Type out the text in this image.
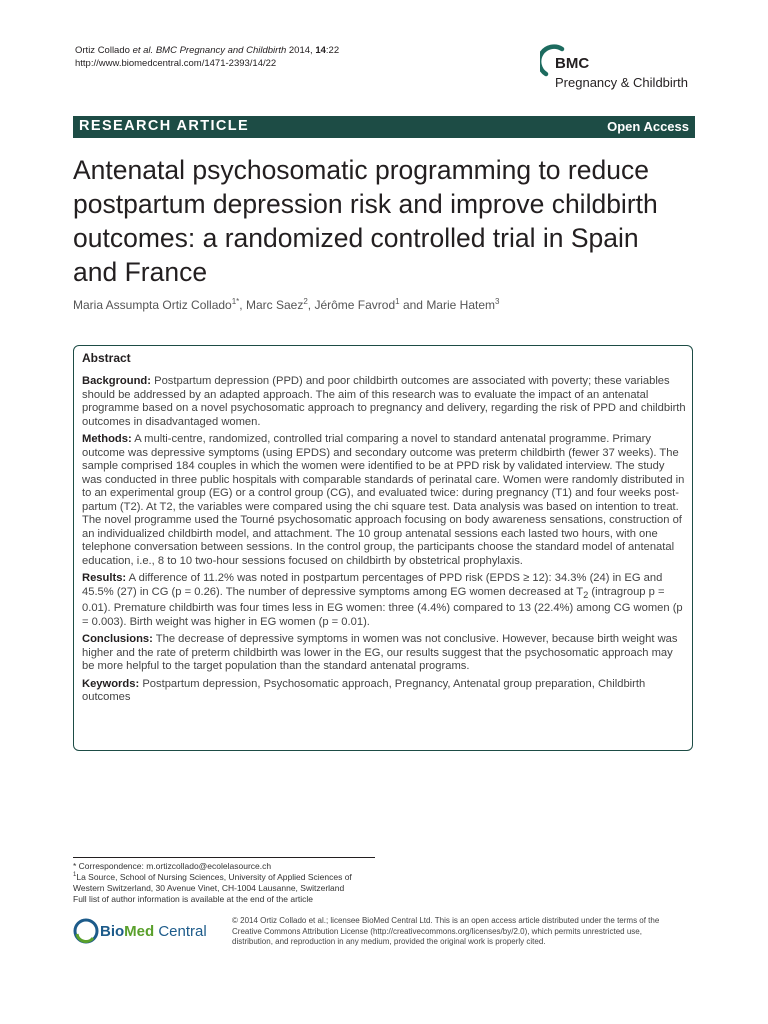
Ortiz Collado et al. BMC Pregnancy and Childbirth 2014, 14:22
http://www.biomedcentral.com/1471-2393/14/22	BMC
Pregnancy & Childbirth
RESEARCH ARTICLE	Open Access
Antenatal psychosomatic programming to reduce
postpartum depression risk and improve childbirth
outcomes: a randomized controlled trial in Spain
and France
Maria Assumpta Ortiz Collado$^{1*}$, Marc Saez$^2$, Jérôme Favrod$^1$ and Marie Hatem$^3$
Abstract

Background: Postpartum depression (PPD) and poor childbirth outcomes are associated with poverty; these variables should be addressed by an adapted approach. The aim of this research was to evaluate the impact of an antenatal programme based on a novel psychosomatic approach to pregnancy and delivery, regarding the risk of PPD and childbirth outcomes in disadvantaged women.

Methods: A multi-centre, randomized, controlled trial comparing a novel to standard antenatal programme. Primary outcome was depressive symptoms (using EPDS) and secondary outcome was preterm childbirth (fewer 37 weeks). The sample comprised 184 couples in which the women were identified to be at PPD risk by validated interview. The study was conducted in three public hospitals with comparable standards of perinatal care. Women were randomly distributed in to an experimental group (EG) or a control group (CG), and evaluated twice: during pregnancy (T1) and four weeks post-partum (T2). At T2, the variables were compared using the chi square test. Data analysis was based on intention to treat. The novel programme used the Tourné psychosomatic approach focusing on body awareness sensations, construction of an individualized childbirth model, and attachment. The 10 group antenatal sessions each lasted two hours, with one telephone conversation between sessions. In the control group, the participants choose the standard model of antenatal education, i.e., 8 to 10 two-hour sessions focused on childbirth by obstetrical prophylaxis.

Results: A difference of 11.2% was noted in postpartum percentages of PPD risk (EPDS ≥ 12): 34.3% (24) in EG and 45.5% (27) in CG (p = 0.26). The number of depressive symptoms among EG women decreased at $T_2$ (intragroup p = 0.01). Premature childbirth was four times less in EG women: three (4.4%) compared to 13 (22.4%) among CG women (p = 0.003). Birth weight was higher in EG women (p = 0.01).

Conclusions: The decrease of depressive symptoms in women was not conclusive. However, because birth weight was higher and the rate of preterm childbirth was lower in the EG, our results suggest that the psychosomatic approach may be more helpful to the target population than the standard antenatal programs.

Keywords: Postpartum depression, Psychosomatic approach, Pregnancy, Antenatal group preparation, Childbirth outcomes

* Correspondence: m.ortizcollado@ecolelasource.ch

$^1$La Source, School of Nursing Sciences, University of Applied Sciences of

Western Switzerland, 30 Avenue Vinet, CH-1004 Lausanne, Switzerland

Full list of author information is available at the end of the article

BioMed Central
© 2014 Ortiz Collado et al.; licensee BioMed Central Ltd. This is an open access article distributed under the terms of the
Creative Commons Attribution License (http://creativecommons.org/licenses/by/2.0), which permits unrestricted use,
distribution, and reproduction in any medium, provided the original work is properly cited.
